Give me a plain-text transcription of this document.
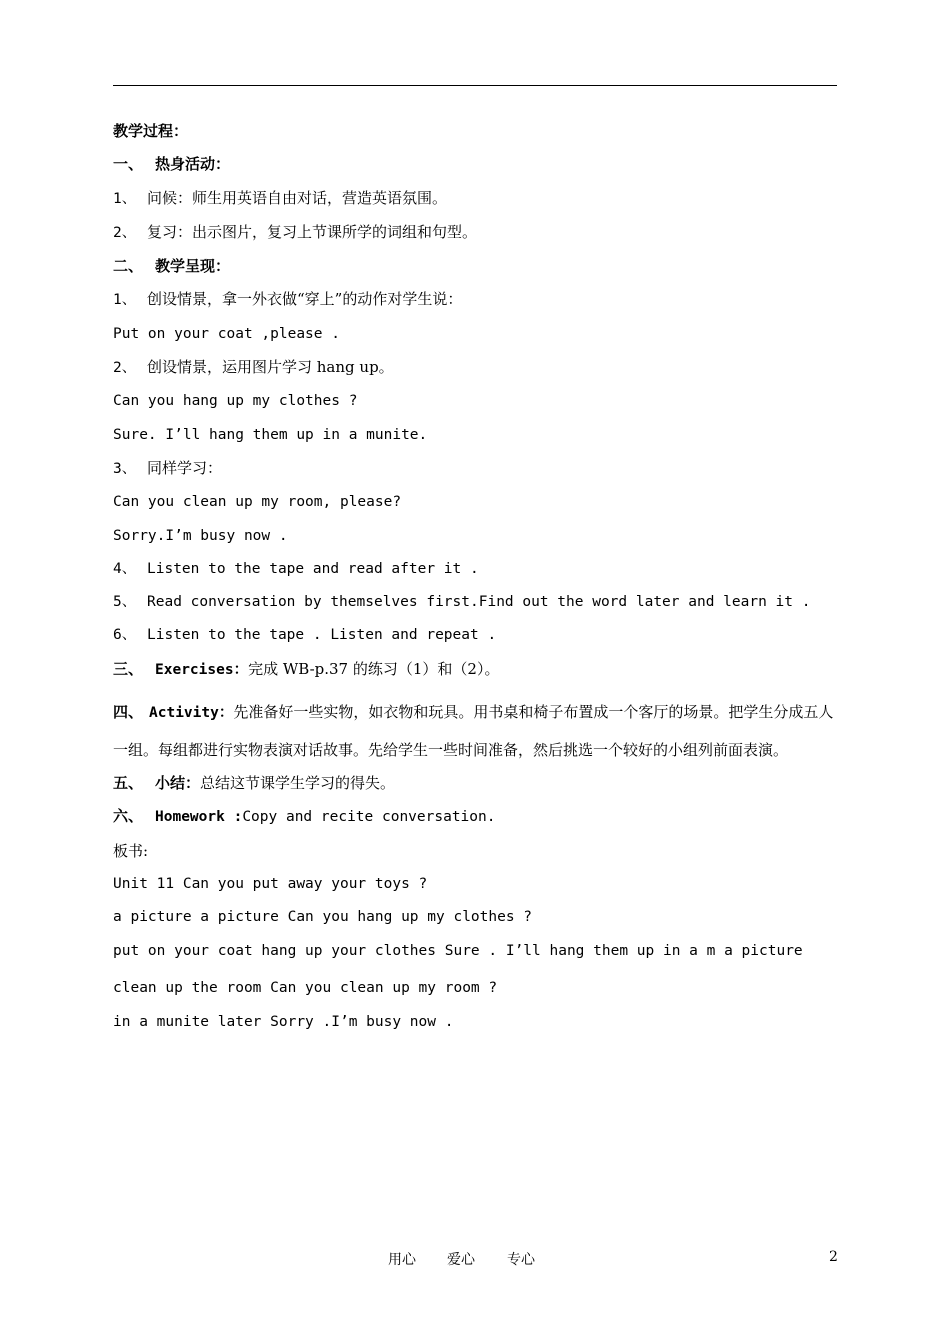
教学过程：
一、 热身活动：
1、 问候：师生用英语自由对话，营造英语氛围。
2、 复习：出示图片，复习上节课所学的词组和句型。
二、 教学呈现：
1、 创设情景，拿一外衣做“穿上”的动作对学生说：
Put on your coat ,please .
2、 创设情景，运用图片学习 hang up。
Can you hang up my clothes ?
Sure. I’ll hang them up in a munite.
3、 同样学习：
Can you clean up my room, please?
Sorry.I’m busy now .
4、 Listen to the tape and read after it .
5、 Read conversation by themselves first.Find out the word later and learn it .
6、 Listen to the tape . Listen and repeat .
三、 Exercises：完成 WB-p.37 的练习（1）和（2）。
四、 Activity：先准备好一些实物，如衣物和玩具。用书桌和椅子布置成一个客厅的场景。把学生分成五人一组。每组都进行实物表演对话故事。先给学生一些时间准备，然后挑选一个较好的小组列前面表演。
五、 小结：总结这节课学生学习的得失。
六、 Homework :Copy and recite conversation.
板书:
Unit 11 Can you put away your toys ?
a picture a picture Can you hang up my clothes ?
put on your coat hang up your clothes Sure . I’ll hang them up in a m a picture clean up the room Can you clean up my room ?
in a munite later Sorry .I’m busy now .
用心 爱心 专心	2
